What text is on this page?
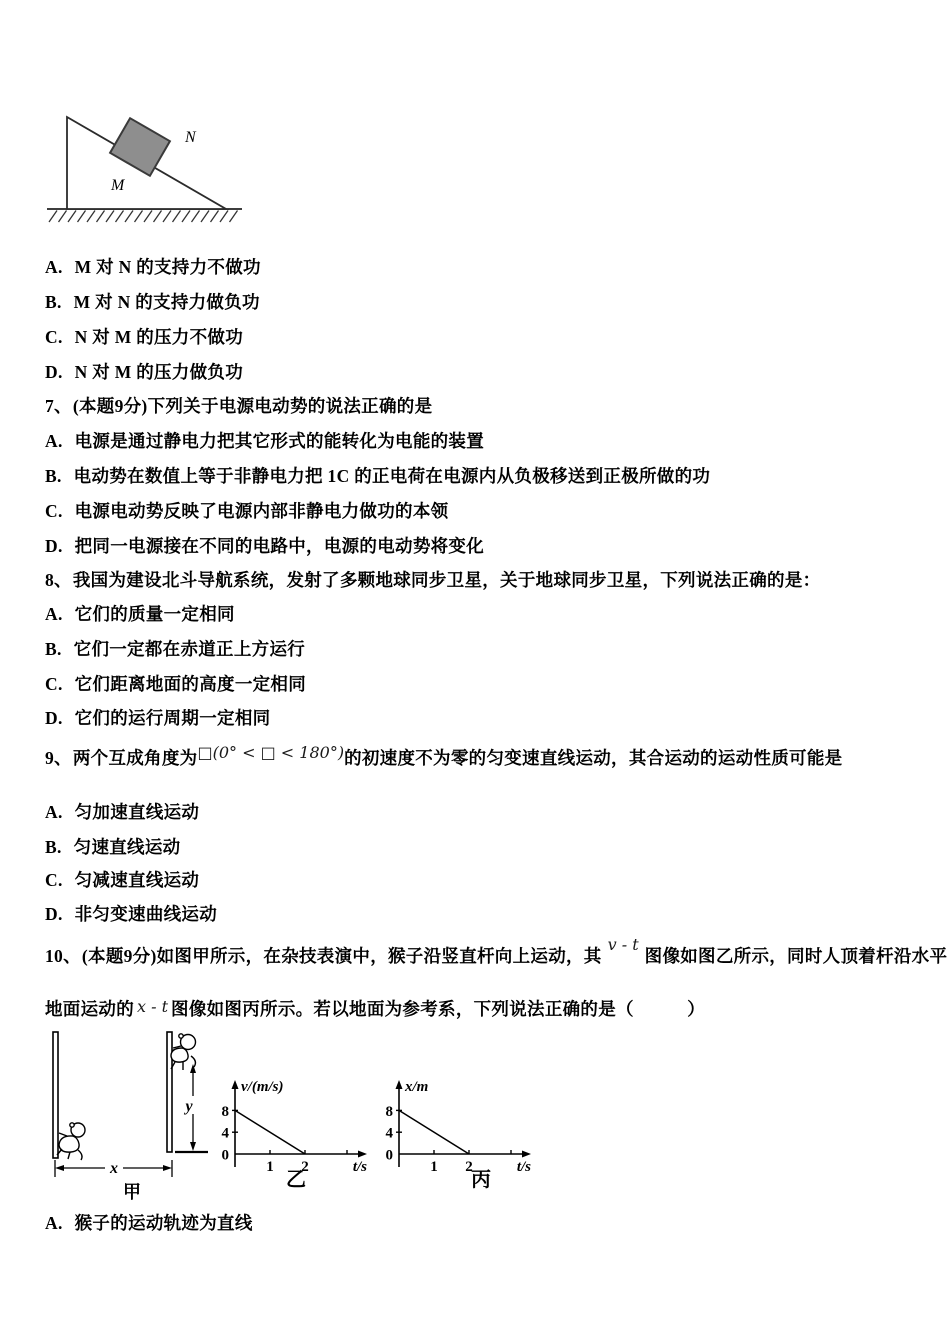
N
M
A. M 对 N 的支持力不做功
B. M 对 N 的支持力做负功
C. N 对 M 的压力不做功
D. N 对 M 的压力做负功
7、(本题9分)下列关于电源电动势的说法正确的是
A. 电源是通过静电力把其它形式的能转化为电能的装置
B. 电动势在数值上等于非静电力把 1C 的正电荷在电源内从负极移送到正极所做的功
C. 电源电动势反映了电源内部非静电力做功的本领
D. 把同一电源接在不同的电路中，电源的电动势将变化
8、我国为建设北斗导航系统，发射了多颗地球同步卫星，关于地球同步卫星，下列说法正确的是：
A. 它们的质量一定相同
B. 它们一定都在赤道正上方运行
C. 它们距离地面的高度一定相同
D. 它们的运行周期一定相同
9、两个互成角度为□(0° < □ < 180°)的初速度不为零的匀变速直线运动，其合运动的运动性质可能是
A. 匀加速直线运动
B. 匀速直线运动
C. 匀减速直线运动
D. 非匀变速曲线运动
10、(本题9分)如图甲所示，在杂技表演中，猴子沿竖直杆向上运动，其v - t图像如图乙所示，同时人顶着杆沿水平
地面运动的 x - t 图像如图丙所示。若以地面为参考系，下列说法正确的是（　　　）
y
x
甲
8
4
0
1 2
v/(m/s)
t/s
乙
8
4
0
1 2
x/m
t/s
丙
A. 猴子的运动轨迹为直线
